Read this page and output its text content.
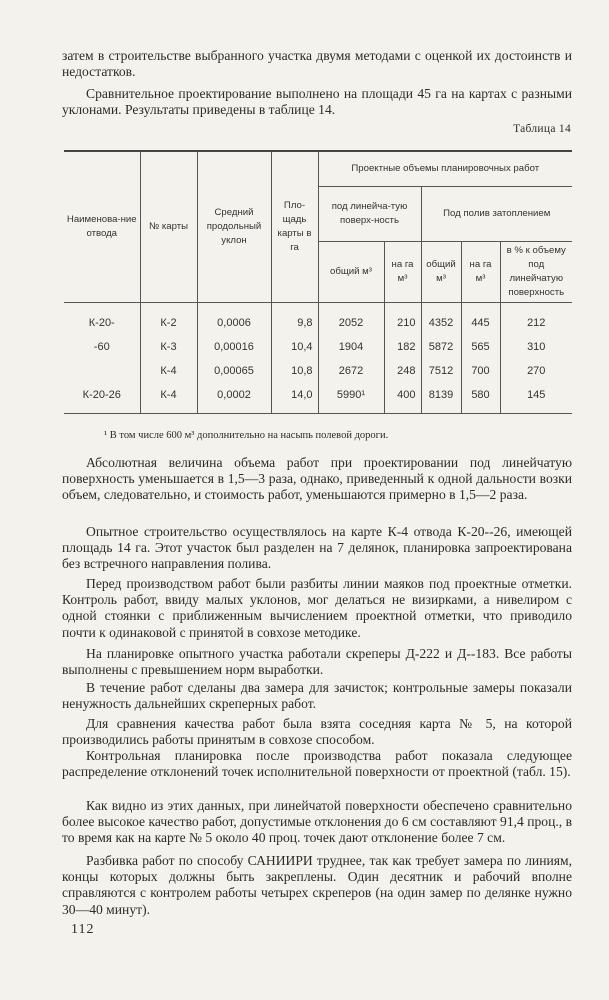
затем в строительстве выбранного участка двумя методами с оценкой их достоинств и недостатков.

Сравнительное проектирование выполнено на площади 45 га на картах с разными уклонами. Результаты приведены в таблице 14.

Таблица 14

Наименова-ние отвода	№ карты	Средний продольный уклон	Пло-щадь карты в га	Проектные объемы планировочных работ				
				под линейча-тую поверх-ность		Под полив затоплением		
				общий м³	на га м³	общий м³	на га м³	в % к объему под линейчатую поверхность
К-20-	К-2	0,0006	9,8	2052	210	4352	445	212
-60	К-3	0,00016	10,4	1904	182	5872	565	310
	К-4	0,00065	10,8	2672	248	7512	700	270
К-20-26	К-4	0,0002	14,0	5990¹	400	8139	580	145

¹ В том числе 600 м³ дополнительно на насыпь полевой дороги.

Абсолютная величина объема работ при проектировании под линейчатую поверхность уменьшается в 1,5—3 раза, однако, приведенный к одной дальности возки объем, следовательно, и стоимость работ, уменьшаются примерно в 1,5—2 раза.

Опытное строительство осуществлялось на карте К-4 отвода К-20--26, имеющей площадь 14 га. Этот участок был разделен на 7 делянок, планировка запроектирована без встречного направления полива.

Перед производством работ были разбиты линии маяков под проектные отметки. Контроль работ, ввиду малых уклонов, мог делаться не визирками, а нивелиром с одной стоянки с приближенным вычислением проектной отметки, что приводило почти к одинаковой с принятой в совхозе методике.

На планировке опытного участка работали скреперы Д-222 и Д--183. Все работы выполнены с превышением норм выработки.

В течение работ сделаны два замера для зачисток; контрольные замеры показали ненужность дальнейших скреперных работ.

Для сравнения качества работ была взята соседняя карта № 5, на которой производились работы принятым в совхозе способом.

Контрольная планировка после производства работ показала следующее распределение отклонений точек исполнительной поверхности от проектной (табл. 15).

Как видно из этих данных, при линейчатой поверхности обеспечено сравнительно более высокое качество работ, допустимые отклонения до 6 см составляют 91,4 проц., в то время как на карте № 5 около 40 проц. точек дают отклонение более 7 см.

Разбивка работ по способу САНИИРИ труднее, так как требует замера по линиям, концы которых должны быть закреплены. Один десятник и рабочий вполне справляются с контролем работы четырех скреперов (на один замер по делянке нужно 30—40 минут).

112
